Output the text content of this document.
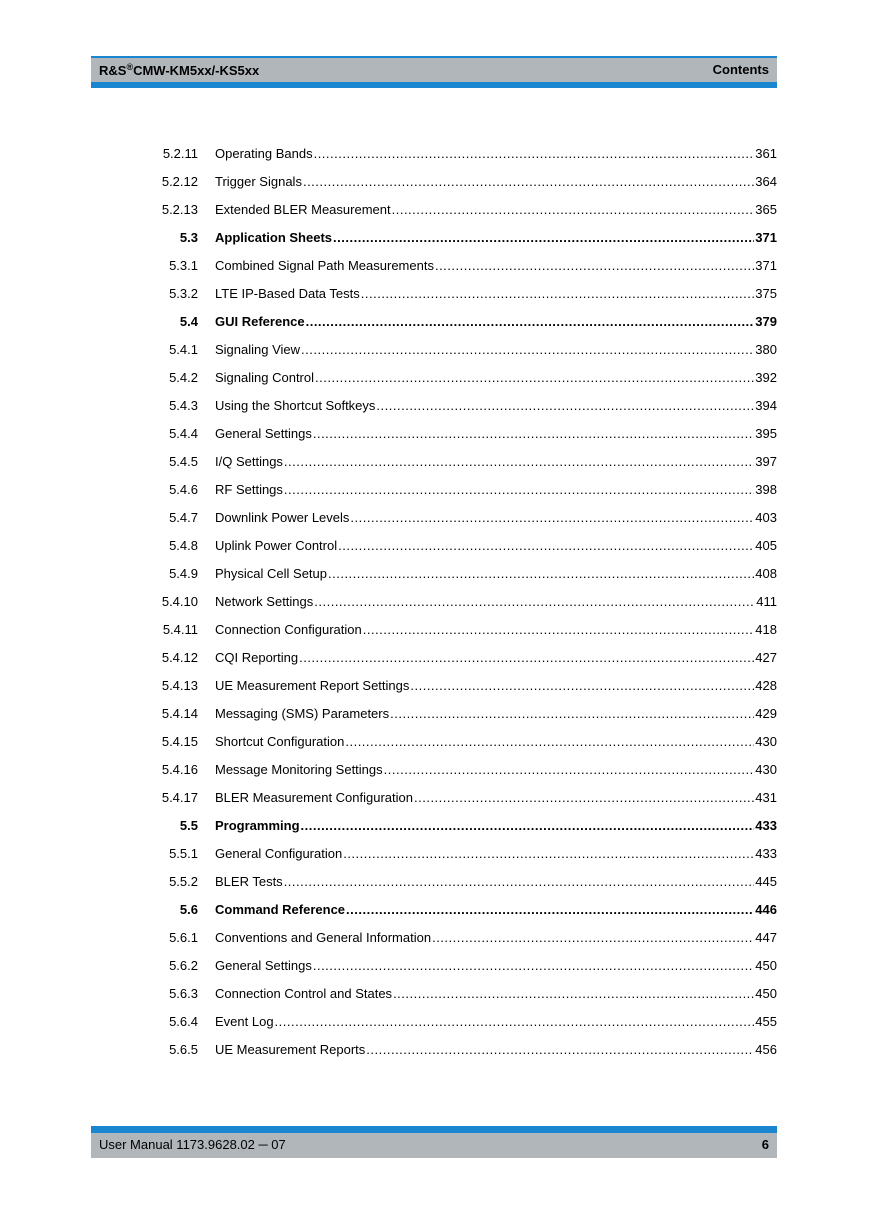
R&S®CMW-KM5xx/-KS5xx	Contents
5.2.11 Operating Bands .....	361
5.2.12 Trigger Signals .....	364
5.2.13 Extended BLER Measurement .....	365
5.3 Application Sheets .....	371
5.3.1 Combined Signal Path Measurements .....	371
5.3.2 LTE IP-Based Data Tests .....	375
5.4 GUI Reference .....	379
5.4.1 Signaling View .....	380
5.4.2 Signaling Control .....	392
5.4.3 Using the Shortcut Softkeys .....	394
5.4.4 General Settings .....	395
5.4.5 I/Q Settings .....	397
5.4.6 RF Settings .....	398
5.4.7 Downlink Power Levels .....	403
5.4.8 Uplink Power Control .....	405
5.4.9 Physical Cell Setup .....	408
5.4.10 Network Settings .....	411
5.4.11 Connection Configuration .....	418
5.4.12 CQI Reporting .....	427
5.4.13 UE Measurement Report Settings .....	428
5.4.14 Messaging (SMS) Parameters .....	429
5.4.15 Shortcut Configuration .....	430
5.4.16 Message Monitoring Settings .....	430
5.4.17 BLER Measurement Configuration .....	431
5.5 Programming .....	433
5.5.1 General Configuration .....	433
5.5.2 BLER Tests .....	445
5.6 Command Reference .....	446
5.6.1 Conventions and General Information .....	447
5.6.2 General Settings .....	450
5.6.3 Connection Control and States .....	450
5.6.4 Event Log .....	455
5.6.5 UE Measurement Reports .....	456
User Manual 1173.9628.02 ─ 07	6
